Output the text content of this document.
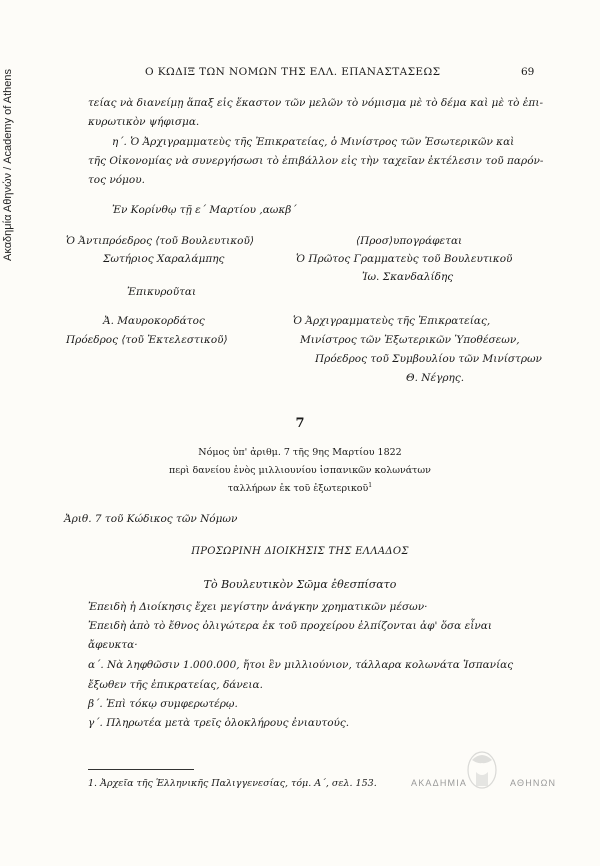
Ακαδημία Αθηνών / Academy of Athens	Ο ΚΩΔΙΞ ΤΩΝ ΝΟΜΩΝ ΤΗΣ ΕΛΛ. ΕΠΑΝΑΣΤΑΣΕΩΣ	69
τείας νὰ διανείμῃ ἅπαξ εἰς ἕκαστον τῶν μελῶν τὸ νόμισμα μὲ τὸ δέμα καὶ μὲ τὸ ἐπι-
κυρωτικὸν ψήφισμα.
η΄. Ὁ Ἀρχιγραμματεὺς τῆς Ἐπικρατείας, ὁ Μινίστρος τῶν Ἐσωτερικῶν καὶ
τῆς Οἰκονομίας νὰ συνεργήσωσι τὸ ἐπιβάλλον εἰς τὴν ταχεῖαν ἐκτέλεσιν τοῦ παρόν-
τος νόμου.
Ἐν Κορίνθῳ τῇ ε΄ Μαρτίου ,αωκβ΄
Ὁ Ἀντιπρόεδρος ⟨τοῦ Βουλευτικοῦ⟩
Σωτήριος Χαραλάμπης
⟨Προσ⟩υπογράφεται
Ὁ Πρῶτος Γραμματεὺς τοῦ Βουλευτικοῦ
Ἰω. Σκανδαλίδης
Ἐπικυροῦται
Ἀ. Μαυροκορδάτος
Πρόεδρος ⟨τοῦ Ἐκτελεστικοῦ⟩
Ὁ Ἀρχιγραμματεὺς τῆς Ἐπικρατείας,
Μινίστρος τῶν Ἐξωτερικῶν Ὑποθέσεων,
Πρόεδρος τοῦ Συμβουλίου τῶν Μινίστρων
Θ. Νέγρης.
7
Νόμος ὑπ' ἀριθμ. 7 τῆς 9ης Μαρτίου 1822
περὶ δανείου ἑνὸς μιλλιουνίου ἱσπανικῶν κολωνάτων
ταλλήρων ἐκ τοῦ ἐξωτερικοῦ$^1$
Ἀριθ. 7 τοῦ Κώδικος τῶν Νόμων
ΠΡΟΣΩΡΙΝΗ ΔΙΟΙΚΗΣΙΣ ΤΗΣ ΕΛΛΑΔΟΣ
Τὸ Βουλευτικὸν Σῶμα ἐθεσπίσατο
Ἐπειδὴ ἡ Διοίκησις ἔχει μεγίστην ἀνάγκην χρηματικῶν μέσων·
Ἐπειδὴ ἀπὸ τὸ ἔθνος ὀλιγώτερα ἐκ τοῦ προχείρου ἐλπίζονται ἀφ' ὅσα εἶναι
ἄφευκτα·
α΄. Νὰ ληφθῶσιν 1.000.000, ἤτοι ἓν μιλλιούνιον, τάλλαρα κολωνάτα Ἱσπανίας
ἔξωθεν τῆς ἐπικρατείας, δάνεια.
β΄. Ἐπὶ τόκῳ συμφερωτέρῳ.
γ΄. Πληρωτέα μετὰ τρεῖς ὁλοκλήρους ἐνιαυτούς.
1. Ἀρχεῖα τῆς Ἑλληνικῆς Παλιγγενεσίας, τόμ. Α΄, σελ. 153.	ΑΚΑΔΗΜΙΑ	ΑΘΗΝΩΝ
